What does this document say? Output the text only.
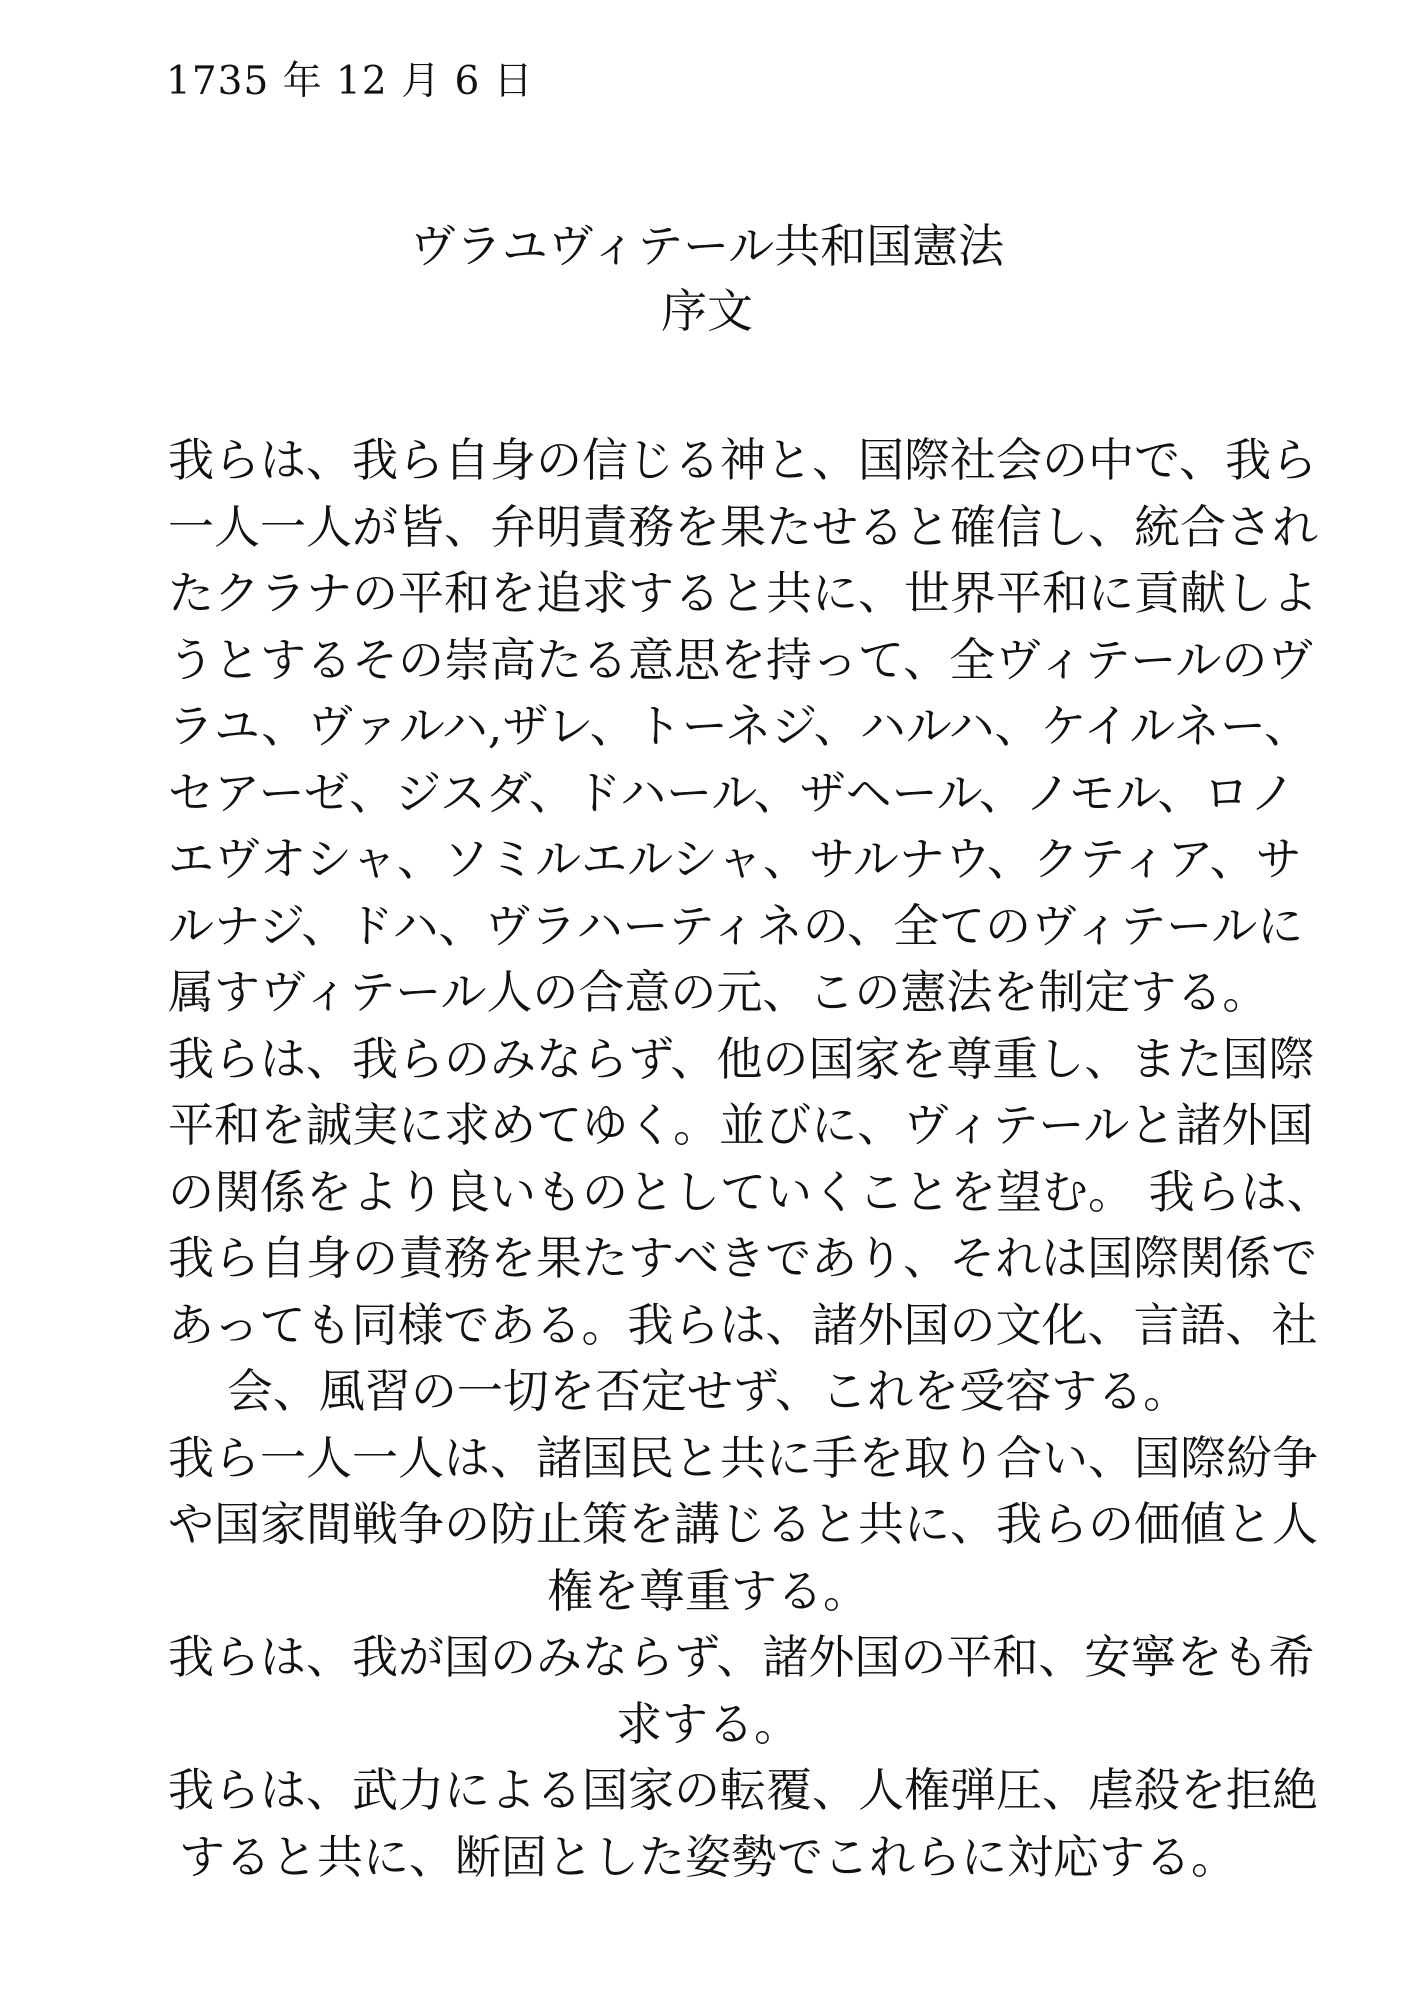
1735 年 12 月 6 日
ヴラユヴィテール共和国憲法
序文
我らは、我ら自身の信じる神と、国際社会の中で、我ら
一人一人が皆、弁明責務を果たせると確信し、統合され
たクラナの平和を追求すると共に、世界平和に貢献しよ
うとするその崇高たる意思を持って、全ヴィテールのヴ
ラユ、ヴァルハ,ザレ、トーネジ、ハルハ、ケイルネー、
セアーゼ、ジスダ、ドハール、ザヘール、ノモル、ロノ
エヴオシャ、ソミルエルシャ、サルナウ、クティア、サ
ルナジ、ドハ、ヴラハーティネの、全てのヴィテールに
属すヴィテール人の合意の元、この憲法を制定する。
我らは、我らのみならず、他の国家を尊重し、また国際
平和を誠実に求めてゆく。並びに、ヴィテールと諸外国
の関係をより良いものとしていくことを望む。 我らは、
我ら自身の責務を果たすべきであり、それは国際関係で
あっても同様である。我らは、諸外国の文化、言語、社
会、風習の一切を否定せず、これを受容する。
我ら一人一人は、諸国民と共に手を取り合い、国際紛争
や国家間戦争の防止策を講じると共に、我らの価値と人
権を尊重する。
我らは、我が国のみならず、諸外国の平和、安寧をも希
求する。
我らは、武力による国家の転覆、人権弾圧、虐殺を拒絶
すると共に、断固とした姿勢でこれらに対応する。
